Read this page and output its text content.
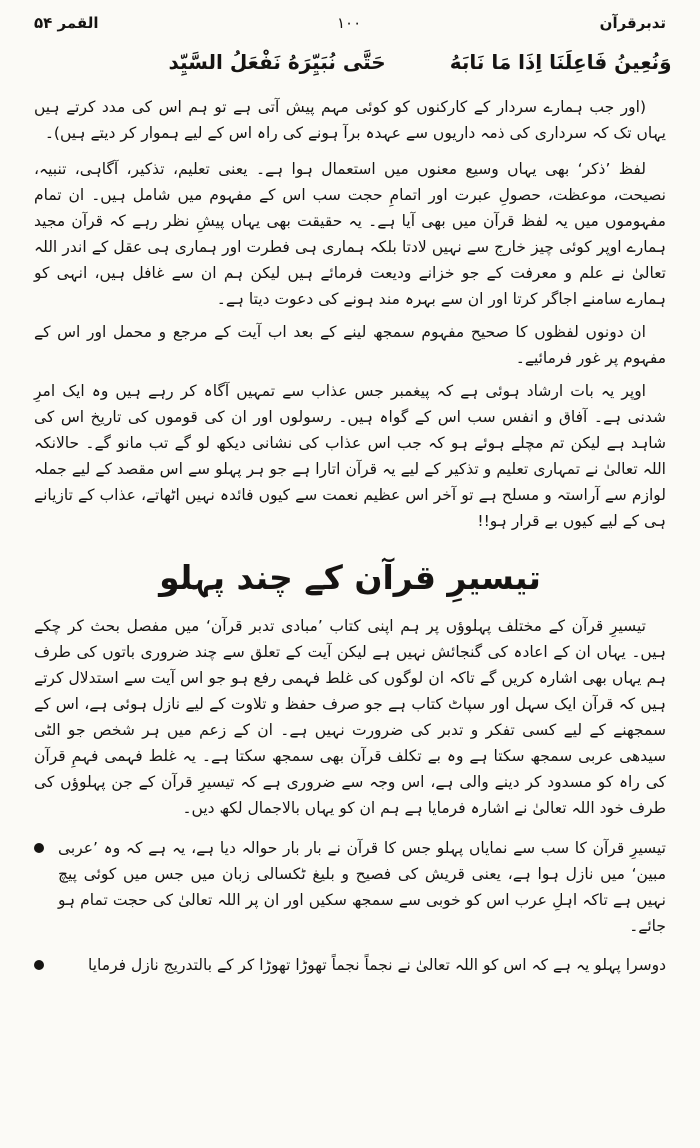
تدبرقرآن
۱۰۰
القمر ۵۴
وَنُعِينُ فَاعِلَنَا اِذَا مَا نَابَهُ
حَتَّى نُبَيِّرَهُ نَفْعَلُ السَّيِّد

(اور جب ہمارے سردار کے کارکنوں کو کوئی مہم پیش آتی ہے تو ہم اس کی مدد کرتے ہیں یہاں تک کہ سرداری کی ذمہ داریوں سے عہدہ برآ ہونے کی راہ اس کے لیے ہموار کر دیتے ہیں)۔

لفظ ’ذکر‘ بھی یہاں وسیع معنوں میں استعمال ہوا ہے۔ یعنی تعلیم، تذکیر، آگاہی، تنبیہ، نصیحت، موعظت، حصولِ عبرت اور اتمامِ حجت سب اس کے مفہوم میں شامل ہیں۔ ان تمام مفہوموں میں یہ لفظ قرآن میں بھی آیا ہے۔ یہ حقیقت بھی یہاں پیشِ نظر رہے کہ قرآن مجید ہمارے اوپر کوئی چیز خارج سے نہیں لادتا بلکہ ہماری ہی فطرت اور ہماری ہی عقل کے اندر اللہ تعالیٰ نے علم و معرفت کے جو خزانے ودیعت فرمائے ہیں لیکن ہم ان سے غافل ہیں، انہی کو ہمارے سامنے اجاگر کرتا اور ان سے بہرہ مند ہونے کی دعوت دیتا ہے۔

ان دونوں لفظوں کا صحیح مفہوم سمجھ لینے کے بعد اب آیت کے مرجع و محمل اور اس کے مفہوم پر غور فرمائیے۔

اوپر یہ بات ارشاد ہوئی ہے کہ پیغمبر جس عذاب سے تمہیں آگاہ کر رہے ہیں وہ ایک امرِ شدنی ہے۔ آفاق و انفس سب اس کے گواہ ہیں۔ رسولوں اور ان کی قوموں کی تاریخ اس کی شاہد ہے لیکن تم مچلے ہوئے ہو کہ جب اس عذاب کی نشانی دیکھ لو گے تب مانو گے۔ حالانکہ اللہ تعالیٰ نے تمہاری تعلیم و تذکیر کے لیے یہ قرآن اتارا ہے جو ہر پہلو سے اس مقصد کے لیے جملہ لوازم سے آراستہ و مسلح ہے تو آخر اس عظیم نعمت سے کیوں فائدہ نہیں اٹھاتے، عذاب کے تازیانے ہی کے لیے کیوں بے قرار ہو!!

تیسیرِ قرآن کے چند پہلو

تیسیرِ قرآن کے مختلف پہلوؤں پر ہم اپنی کتاب ’مبادی تدبر قرآن‘ میں مفصل بحث کر چکے ہیں۔ یہاں ان کے اعادہ کی گنجائش نہیں ہے لیکن آیت کے تعلق سے چند ضروری باتوں کی طرف ہم یہاں بھی اشارہ کریں گے تاکہ ان لوگوں کی غلط فہمی رفع ہو جو اس آیت سے استدلال کرتے ہیں کہ قرآن ایک سہل اور سپاٹ کتاب ہے جو صرف حفظ و تلاوت کے لیے نازل ہوئی ہے، اس کے سمجھنے کے لیے کسی تفکر و تدبر کی ضرورت نہیں ہے۔ ان کے زعم میں ہر شخص جو الٹی سیدھی عربی سمجھ سکتا ہے وہ بے تکلف قرآن بھی سمجھ سکتا ہے۔ یہ غلط فہمی فہمِ قرآن کی راہ کو مسدود کر دینے والی ہے، اس وجہ سے ضروری ہے کہ تیسیرِ قرآن کے جن پہلوؤں کی طرف خود اللہ تعالیٰ نے اشارہ فرمایا ہے ہم ان کو یہاں بالاجمال لکھ دیں۔

تیسیرِ قرآن کا سب سے نمایاں پہلو جس کا قرآن نے بار بار حوالہ دیا ہے، یہ ہے کہ وہ ’عربی مبین‘ میں نازل ہوا ہے، یعنی قریش کی فصیح و بلیغ ٹکسالی زبان میں جس میں کوئی پیچ نہیں ہے تاکہ اہلِ عرب اس کو خوبی سے سمجھ سکیں اور ان پر اللہ تعالیٰ کی حجت تمام ہو جائے۔
دوسرا پہلو یہ ہے کہ اس کو اللہ تعالیٰ نے نجماً نجماً تھوڑا تھوڑا کر کے بالتدریج نازل فرمایا
